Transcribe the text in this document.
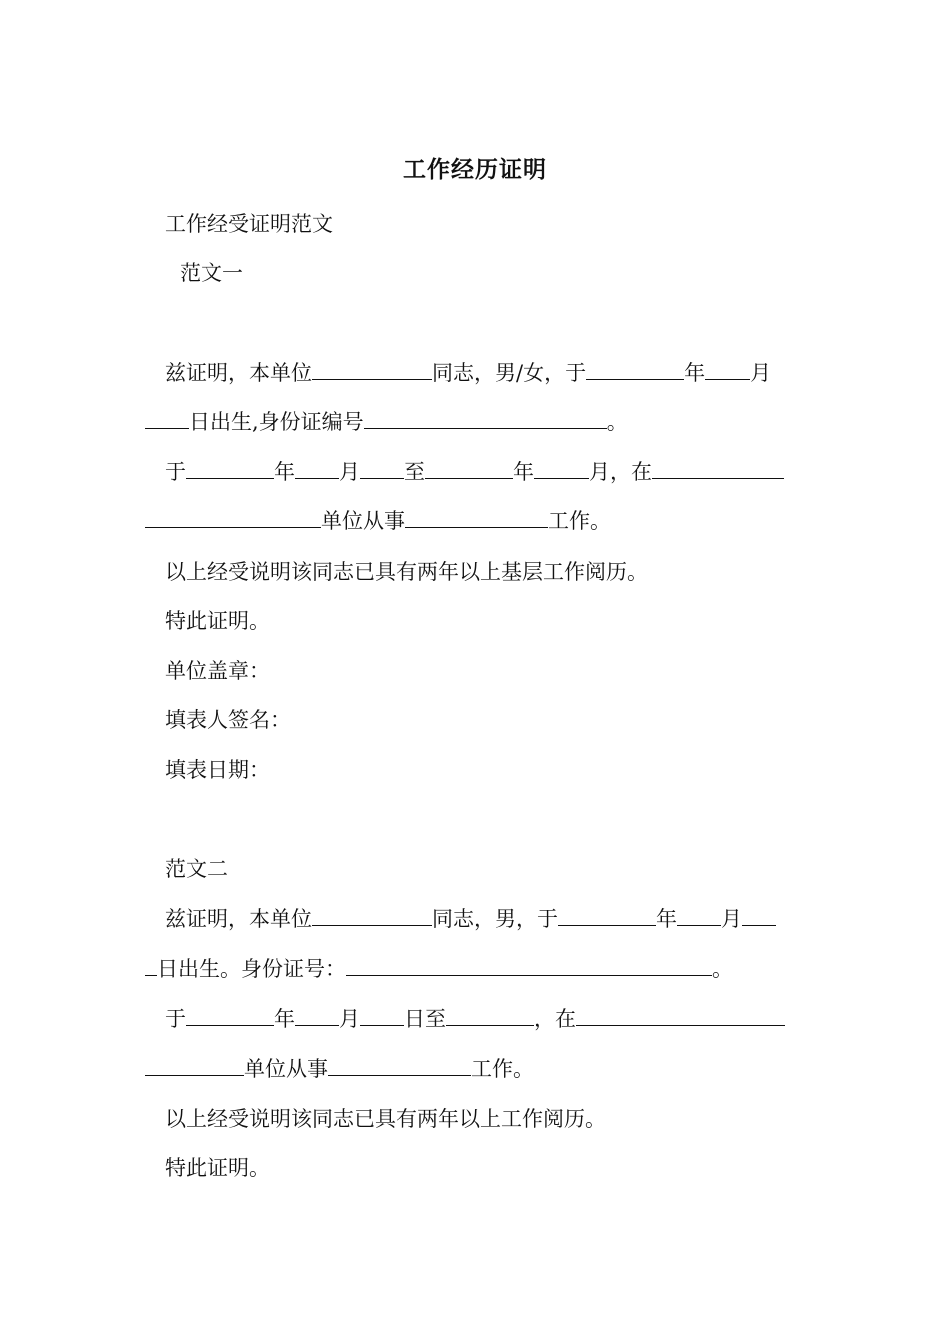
工作经历证明
工作经受证明范文
范文一
兹证明，本单位	同志，男/女，于	年 月
日出生,身份证编号	。
于	年 月 至	年	月，在
单位从事	工作。
以上经受说明该同志已具有两年以上基层工作阅历。
特此证明。
单位盖章：
填表人签名：
填表日期：
范文二
兹证明，本单位	同志，男，于	年 月
日出生。身份证号：	。
于	年 月 日至	，在
单位从事	工作。
以上经受说明该同志已具有两年以上工作阅历。
特此证明。
